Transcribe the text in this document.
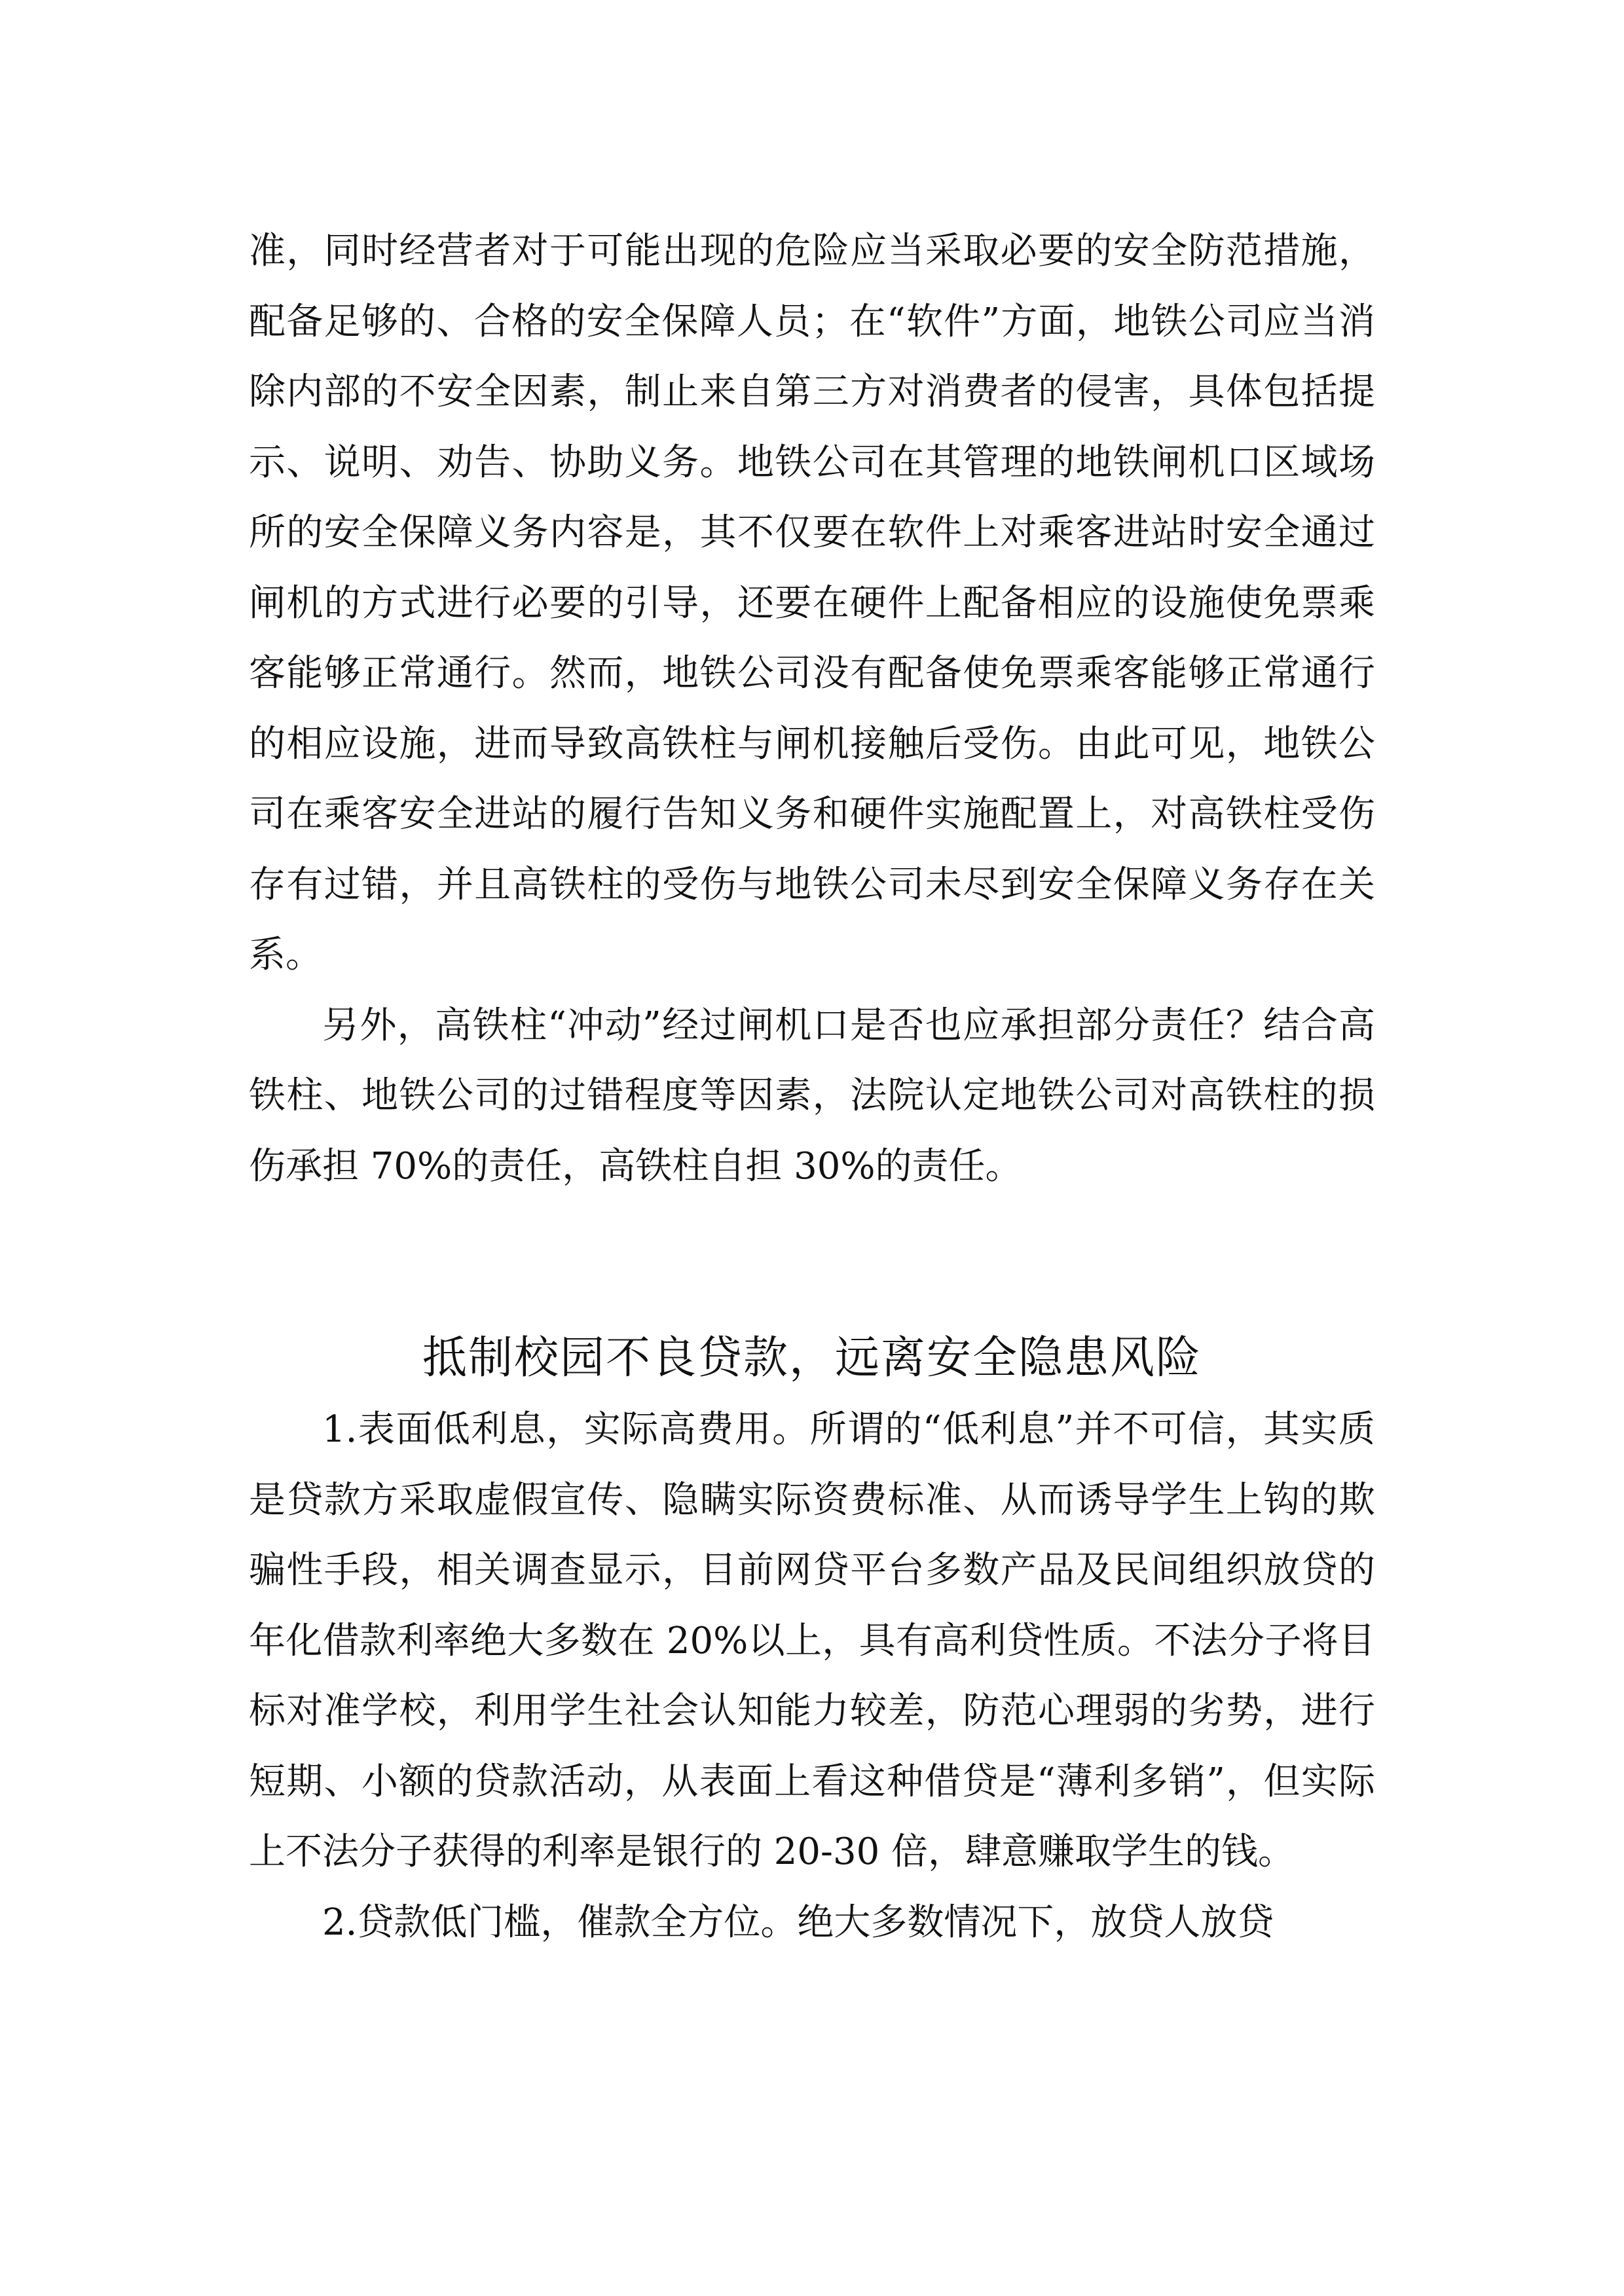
准，同时经营者对于可能出现的危险应当采取必要的安全防范措施，配备足够的、合格的安全保障人员；在“软件”方面，地铁公司应当消除内部的不安全因素，制止来自第三方对消费者的侵害，具体包括提示、说明、劝告、协助义务。地铁公司在其管理的地铁闸机口区域场所的安全保障义务内容是，其不仅要在软件上对乘客进站时安全通过闸机的方式进行必要的引导，还要在硬件上配备相应的设施使免票乘客能够正常通行。然而，地铁公司没有配备使免票乘客能够正常通行的相应设施，进而导致高铁柱与闸机接触后受伤。由此可见，地铁公司在乘客安全进站的履行告知义务和硬件实施配置上，对高铁柱受伤存有过错，并且高铁柱的受伤与地铁公司未尽到安全保障义务存在关系。

另外，高铁柱“冲动”经过闸机口是否也应承担部分责任？结合高铁柱、地铁公司的过错程度等因素，法院认定地铁公司对高铁柱的损伤承担 70%的责任，高铁柱自担 30%的责任。

抵制校园不良贷款，远离安全隐患风险

1.表面低利息，实际高费用。所谓的“低利息”并不可信，其实质是贷款方采取虚假宣传、隐瞒实际资费标准、从而诱导学生上钩的欺骗性手段，相关调查显示，目前网贷平台多数产品及民间组织放贷的年化借款利率绝大多数在 20%以上，具有高利贷性质。不法分子将目标对准学校，利用学生社会认知能力较差，防范心理弱的劣势，进行短期、小额的贷款活动，从表面上看这种借贷是“薄利多销”，但实际上不法分子获得的利率是银行的 20-30 倍，肆意赚取学生的钱。

2.贷款低门槛，催款全方位。绝大多数情况下，放贷人放贷
